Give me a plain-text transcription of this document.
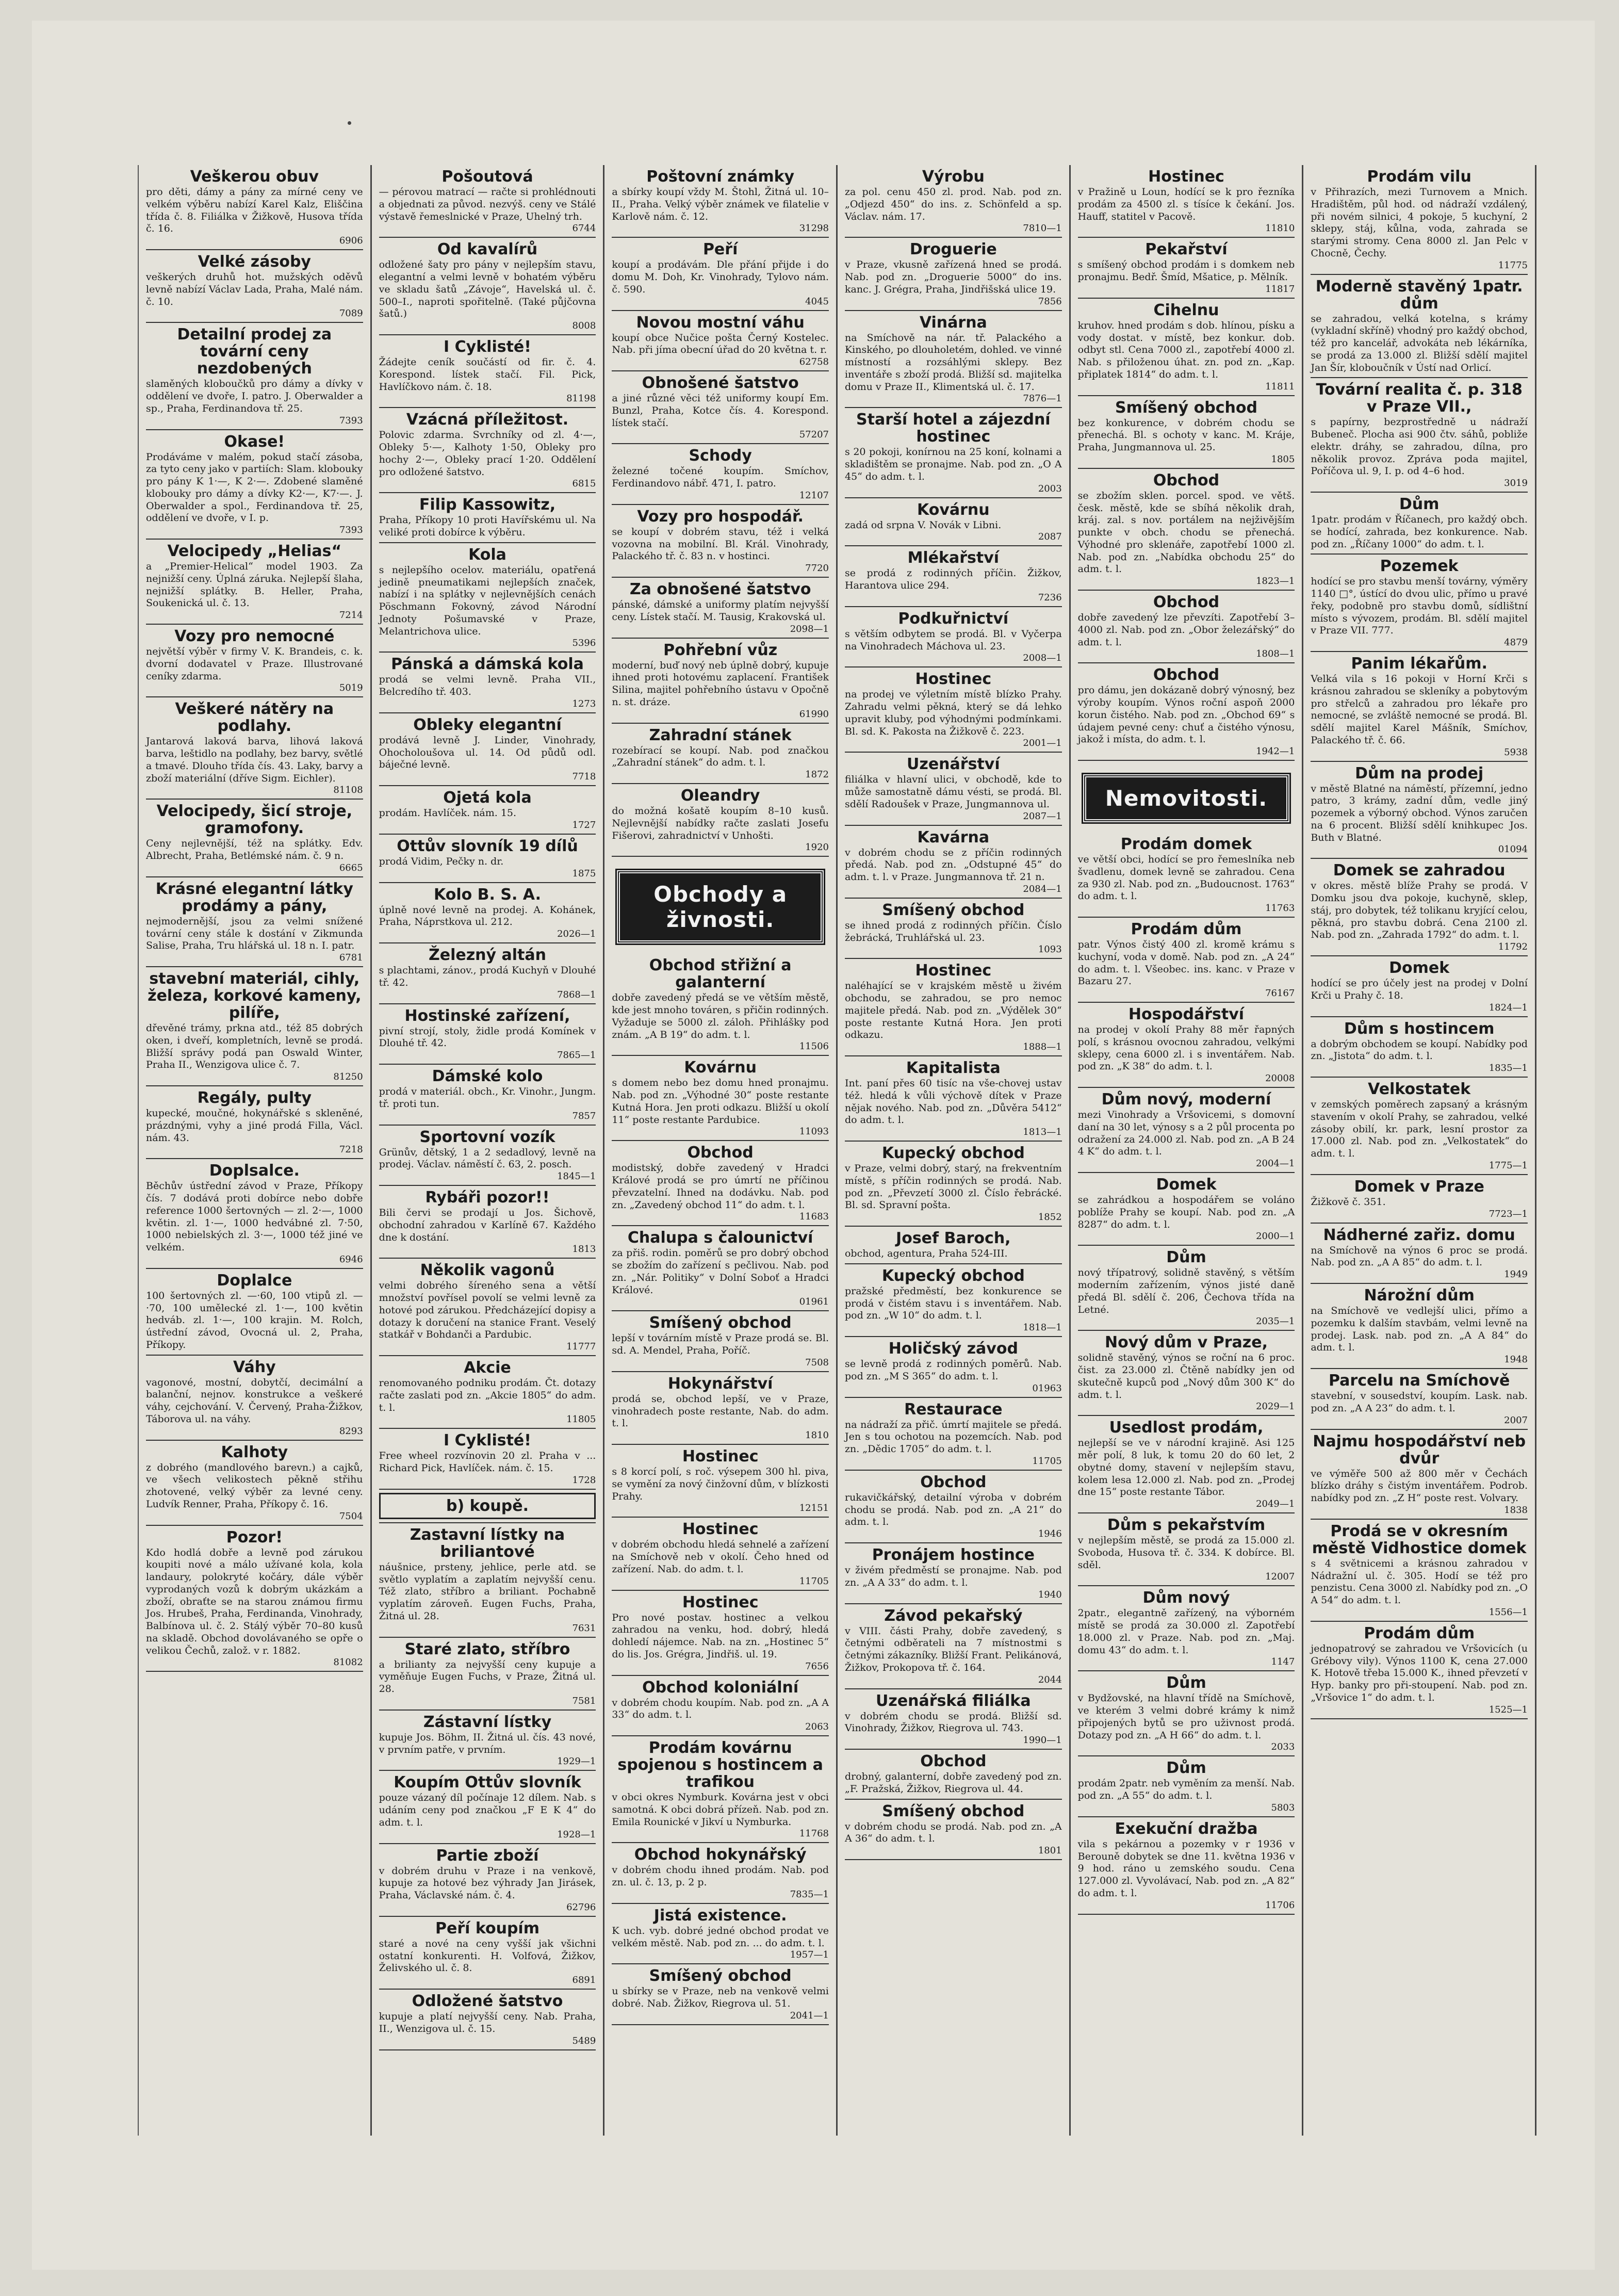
Veškerou obuv

pro děti, dámy a pány za mírné ceny ve velkém výběru nabízí Karel Kalz, Eliščina třída č. 8. Filiálka v Žižkově, Husova třída č. 16.

6906
Velké zásoby

veškerých druhů hot. mužských oděvů levně nabízí Václav Lada, Praha, Malé nám. č. 10.

7089
Detailní prodej za tovární ceny nezdobených

slaměných kloboučků pro dámy a dívky v oddělení ve dvoře, I. patro. J. Oberwalder a sp., Praha, Ferdinandova tř. 25.

7393
Okase!

Prodáváme v malém, pokud stačí zásoba, za tyto ceny jako v partiích: Slam. klobouky pro pány K 1·—, K 2·—. Zdobené slaměné klobouky pro dámy a dívky K2·—, K7·—. J. Oberwalder a spol., Ferdinandova tř. 25, oddělení ve dvoře, v I. p.

7393
Velocipedy „Helias“

a „Premier-Helical“ model 1903. Za nejnižší ceny. Úplná záruka. Nejlepší šlaha, nejnižší splátky. B. Heller, Praha, Soukenická ul. č. 13.

7214
Vozy pro nemocné

největší výběr v firmy V. K. Brandeis, c. k. dvorní dodavatel v Praze. Illustrované ceníky zdarma.

5019
Veškeré nátěry na podlahy.

Jantarová laková barva, lihová laková barva, leštidlo na podlahy, bez barvy, světlé a tmavé. Dlouho třída čís. 43. Laky, barvy a zboží materiální (dříve Sigm. Eichler).

81108
Velocipedy, šicí stroje, gramofony.

Ceny nejlevnější, též na splátky. Edv. Albrecht, Praha, Betlémské nám. č. 9 n.

6665
Krásné elegantní látky prodámy a pány,

nejmodernější, jsou za velmi snížené tovární ceny stále k dostání v Zikmunda Salise, Praha, Tru hlářská ul. 18 n. I. patr.

6781
stavební materiál, cihly, železa, korkové kameny, pilíře,

dřevěné trámy, prkna atd., též 85 dobrých oken, i dveří, kompletních, levně se prodá. Bližší správy podá pan Oswald Winter, Praha II., Wenzigova ulice č. 7.

81250
Regály, pulty

kupecké, moučné, hokynářské s skleněné, prázdnými, vyhy a jiné prodá Filla, Václ. nám. 43.

7218
Doplsalce.

Běchův ústřední závod v Praze, Příkopy čís. 7 dodává proti dobírce nebo dobře reference 1000 šertovných — zl. 2·—, 1000 květin. zl. 1·—, 1000 hedvábné zl. 7·50, 1000 nebielských zl. 3·—, 1000 též jiné ve velkém.

6946
Doplalce

100 šertovných zl. —·60, 100 vtipů zl. —·70, 100 umělecké zl. 1·—, 100 květin hedváb. zl. 1·—, 100 krajin. M. Rolch, ústřední závod, Ovocná ul. 2, Praha, Příkopy.

Váhy

vagonové, mostní, dobytčí, decimální a balanční, nejnov. konstrukce a veškeré váhy, cejchování. V. Červený, Praha-Žižkov, Táborova ul. na váhy.

8293
Kalhoty

z dobrého (mandlového barevn.) a cajků, ve všech velikostech pěkně střihu zhotovené, velký výběr za levné ceny. Ludvík Renner, Praha, Příkopy č. 16.

7504
Pozor!

Kdo hodlá dobře a levně pod zárukou koupiti nové a málo užívané kola, kola landaury, polokryté kočáry, dále výběr vyprodaných vozů k dobrým ukázkám a zboží, obraťte se na starou známou firmu Jos. Hrubeš, Praha, Ferdinanda, Vinohrady, Balbínova ul. č. 2. Stálý výběr 70–80 kusů na skladě. Obchod dovolávaného se opře o velikou Čechů, založ. v r. 1882.

81082
Pošoutová

— pérovou matrací — račte si prohlédnouti a objednati za původ. nezvýš. ceny ve Stálé výstavě řemeslnické v Praze, Uhelný trh.

6744
Od kavalírů

odložené šaty pro pány v nejlepším stavu, elegantní a velmi levně v bohatém výběru ve skladu šatů „Závoje“, Havelská ul. č. 500–I., naproti spořitelně. (Také půjčovna šatů.)

8008
I Cyklisté!

Žádejte ceník součástí od fir. č. 4. Korespond. lístek stačí. Fil. Pick, Havlíčkovo nám. č. 18.

81198
Vzácná příležitost.

Polovic zdarma. Svrchníky od zl. 4·—, Obleky 5·—, Kalhoty 1·50, Obleky pro hochy 2·—, Obleky prací 1·20. Oddělení pro odložené šatstvo.

6815
Filip Kassowitz,

Praha, Příkopy 10 proti Havířskému ul. Na veliké proti dobírce k výběru.

Kola

s nejlepšího ocelov. materiálu, opatřená jedině pneumatikami nejlepších značek, nabízí i na splátky v nejlevnějších cenách Pöschmann Fokovný, závod Národní Jednoty Pošumavské v Praze, Melantrichova ulice.

5396
Pánská a dámská kola

prodá se velmi levně. Praha VII., Belcredího tř. 403.

1273
Obleky elegantní

prodává levně J. Linder, Vinohrady, Ohocholoušova ul. 14. Od půdů odl. báječné levně.

7718
Ojetá kola

prodám. Havlíček. nám. 15.

1727
Ottův slovník 19 dílů

prodá Vidim, Pečky n. dr.

1875
Kolo B. S. A.

úplně nové levně na prodej. A. Kohánek, Praha, Náprstkova ul. 212.

2026—1
Železný altán

s plachtami, zánov., prodá Kuchyň v Dlouhé tř. 42.

7868—1
Hostinské zařízení,

pivní strojí, stoly, židle prodá Komínek v Dlouhé tř. 42.

7865—1
Dámské kolo

prodá v materiál. obch., Kr. Vinohr., Jungm. tř. proti tun.

7857
Sportovní vozík

Grünův, dětský, 1 a 2 sedadlový, levně na prodej. Václav. náměstí č. 63, 2. posch.

1845—1
Rybáři pozor!!

Bili červi se prodají u Jos. Šichově, obchodní zahradou v Karlíně 67. Každého dne k dostání.

1813
Několik vagonů

velmi dobrého šíreného sena a větší množství povřísel povolí se velmi levně za hotové pod zárukou. Předcházející dopisy a dotazy k doručení na stanice Frant. Veselý statkář v Bohdanči a Pardubic.

11777
Akcie

renomovaného podniku prodám. Čt. dotazy račte zaslati pod zn. „Akcie 1805“ do adm. t. l.

11805
I Cyklisté!

Free wheel rozvínovin 20 zl. Praha v ... Richard Pick, Havlíček. nám. č. 15.

1728
b) koupě.
Zastavní lístky na briliantové

náušnice, prsteny, jehlice, perle atd. se světlo vyplatím a zaplatím nejvyšší cenu. Též zlato, stříbro a briliant. Pochabně vyplatím zároveň. Eugen Fuchs, Praha, Žitná ul. 28.

7631
Staré zlato, stříbro

a brilianty za nejvyšší ceny kupuje a vyměňuje Eugen Fuchs, v Praze, Žitná ul. 28.

7581
Zástavní lístky

kupuje Jos. Böhm, II. Žitná ul. čís. 43 nové, v prvním patře, v prvním.

1929—1
Koupím Ottův slovník

pouze vázaný díl počínaje 12 dílem. Nab. s udáním ceny pod značkou „F E K 4“ do adm. t. l.

1928—1
Partie zboží

v dobrém druhu v Praze i na venkově, kupuje za hotové bez výhrady Jan Jirásek, Praha, Václavské nám. č. 4.

62796
Peří koupím

staré a nové na ceny vyšší jak všichni ostatní konkurenti. H. Volfová, Žižkov, Želivského ul. č. 8.

6891
Odložené šatstvo

kupuje a platí nejvyšší ceny. Nab. Praha, II., Wenzigova ul. č. 15.

5489
Poštovní známky

a sbírky koupí vždy M. Štohl, Žitná ul. 10–II., Praha. Velký výběr známek ve filatelie v Karlově nám. č. 12.

31298
Peří

koupí a prodávám. Dle přání přijde i do domu M. Doh, Kr. Vinohrady, Tylovo nám. č. 590.

4045
Novou mostní váhu

koupí obce Nučice pošta Černý Kostelec. Nab. při jíma obecní úřad do 20 května t. r.

62758
Obnošené šatstvo

a jiné různé věci též uniformy koupí Em. Bunzl, Praha, Kotce čís. 4. Korespond. lístek stačí.

57207
Schody

železné točené koupím. Smíchov, Ferdinandovo nábř. 471, I. patro.

12107
Vozy pro hospodář.

se koupí v dobrém stavu, též i velká vozovna na mobilní. Bl. Král. Vinohrady, Palackého tř. č. 83 n. v hostinci.

7720
Za obnošené šatstvo

pánské, dámské a uniformy platím nejvyšší ceny. Lístek stačí. M. Tausig, Krakovská ul.

2098—1
Pohřební vůz

moderní, buď nový neb úplně dobrý, kupuje ihned proti hotovému zaplacení. František Silina, majitel pohřebního ústavu v Opočně n. st. dráze.

61990
Zahradní stánek

rozebírací se koupí. Nab. pod značkou „Zahradní stánek“ do adm. t. l.

1872
Oleandry

do možná košatě koupím 8–10 kusů. Nejlevnější nabídky račte zaslati Josefu Fišerovi, zahradnictví v Unhošti.

1920
Obchody a živnosti.
Obchod střižní a galanterní

dobře zavedený předá se ve větším městě, kde jest mnoho továren, s přičin rodinných. Vyžaduje se 5000 zl. záloh. Přihlášky pod znám. „A B 19“ do adm. t. l.

11506
Kovárnu

s domem nebo bez domu hned pronajmu. Nab. pod zn. „Výhodné 30“ poste restante Kutná Hora. Jen proti odkazu. Bližší u okolí 11“ poste restante Pardubice.

11093
Obchod

modistský, dobře zavedený v Hradci Králové prodá se pro úmrtí ne příčinou převzatelní. Ihned na dodávku. Nab. pod zn. „Zavedený obchod 11“ do adm. t. l.

11683
Chalupa s čalounictví

za přiš. rodin. poměrů se pro dobrý obchod se zbožím do zařízení s pečlivou. Nab. pod zn. „Nár. Politiky“ v Dolní Soboť a Hradci Králové.

01961
Smíšený obchod

lepší v továrním místě v Praze prodá se. Bl. sd. A. Mendel, Praha, Poříč.

7508
Hokynářství

prodá se, obchod lepší, ve v Praze, vinohradech poste restante, Nab. do adm. t. l.

1810
Hostinec

s 8 korcí polí, s roč. výsepem 300 hl. piva, se vymění za nový činžovní dům, v blízkosti Prahy.

12151
Hostinec

v dobrém obchodu hledá sehnelé a zařízení na Smíchově neb v okolí. Čeho hned od zařízení. Nab. do adm. t. l.

11705
Hostinec

Pro nové postav. hostinec a velkou zahradou na venku, hod. dobrý, hledá dohledí nájemce. Nab. na zn. „Hostinec 5“ do lis. Jos. Grégra, Jindřiš. ul. 19.

7656
Obchod koloniální

v dobrém chodu koupím. Nab. pod zn. „A A 33“ do adm. t. l.

2063
Prodám kovárnu spojenou s hostincem a trafikou

v obci okres Nymburk. Kovárna jest v obci samotná. K obci dobrá přízeň. Nab. pod zn. Emila Rounické v Jikví u Nymburka.

11768
Obchod hokynářský

v dobrém chodu ihned prodám. Nab. pod zn. ul. č. 13, p. 2 p.

7835—1
Jistá existence.

K uch. vyb. dobré jedné obchod prodat ve velkém městě. Nab. pod zn. ... do adm. t. l.

1957—1
Smíšený obchod

u sbírky se v Praze, neb na venkově velmi dobré. Nab. Žižkov, Riegrova ul. 51.

2041—1
Výrobu

za pol. cenu 450 zl. prod. Nab. pod zn. „Odjezd 450“ do ins. z. Schönfeld a sp. Václav. nám. 17.

7810—1
Droguerie

v Praze, vkusně zařízená hned se prodá. Nab. pod zn. „Droguerie 5000“ do ins. kanc. J. Grégra, Praha, Jindřišská ulice 19.

7856
Vinárna

na Smíchově na nár. tř. Palackého a Kinského, po dlouholetém, dohled. ve vinné místností a rozsáhlými sklepy. Bez inventáře s zboží prodá. Bližší sd. majitelka domu v Praze II., Klimentská ul. č. 17.

7876—1
Starší hotel a zájezdní hostinec

s 20 pokoji, konírnou na 25 koní, kolnami a skladištěm se pronajme. Nab. pod zn. „O A 45“ do adm. t. l.

2003
Kovárnu

zadá od srpna V. Novák v Libni.

2087
Mlékařství

se prodá z rodinných příčin. Žižkov, Harantova ulice 294.

7236
Podkuřnictví

s větším odbytem se prodá. Bl. v Vyčerpa na Vinohradech Máchova ul. 23.

2008—1
Hostinec

na prodej ve výletním místě blízko Prahy. Zahradu velmi pěkná, který se dá lehko upravit kluby, pod výhodnými podmínkami. Bl. sd. K. Pakosta na Žižkově č. 223.

2001—1
Uzenářství

filiálka v hlavní ulici, v obchodě, kde to může samostatně dámu vésti, se prodá. Bl. sdělí Radoušek v Praze, Jungmannova ul.

2087—1
Kavárna

v dobrém chodu se z příčin rodinných předá. Nab. pod zn. „Odstupné 45“ do adm. t. l. v Praze. Jungmannova tř. 21 n.

2084—1
Smíšený obchod

se ihned prodá z rodinných příčin. Číslo žebrácká, Truhlářská ul. 23.

1093
Hostinec

naléhající se v krajském městě u živém obchodu, se zahradou, se pro nemoc majitele předá. Nab. pod zn. „Výdělek 30“ poste restante Kutná Hora. Jen proti odkazu.

1888—1
Kapitalista

Int. paní přes 60 tisíc na vše-chovej ustav též. hledá k vůli výchově dítek v Praze nějak nového. Nab. pod zn. „Důvěra 5412“ do adm. t. l.

1813—1
Kupecký obchod

v Praze, velmi dobrý, starý, na frekventním místě, s příčin rodinných se prodá. Nab. pod zn. „Převzetí 3000 zl. Číslo řebrácké. Bl. sd. Spravní pošta.

1852
Josef Baroch,

obchod, agentura, Praha 524-III.

Kupecký obchod

pražské předměstí, bez konkurence se prodá v čistém stavu i s inventářem. Nab. pod zn. „W 10“ do adm. t. l.

1818—1
Holičský závod

se levně prodá z rodinných poměrů. Nab. pod zn. „M S 365“ do adm. t. l.

01963
Restaurace

na nádraží za přič. úmrtí majitele se předá. Jen s tou ochotou na pozemcích. Nab. pod zn. „Dědic 1705“ do adm. t. l.

11705
Obchod

rukavičkářský, detailní výroba v dobrém chodu se prodá. Nab. pod zn. „A 21“ do adm. t. l.

1946
Pronájem hostince

v živém předměstí se pronajme. Nab. pod zn. „A A 33“ do adm. t. l.

1940
Závod pekařský

v VIII. části Prahy, dobře zavedený, s četnými odběrateli na 7 místnostmi s četnými zákazníky. Bližší Frant. Pelikánová, Žižkov, Prokopova tř. č. 164.

2044
Uzenářská filiálka

v dobrém chodu se prodá. Bližší sd. Vinohrady, Žižkov, Riegrova ul. 743.

1990—1
Obchod

drobný, galanterní, dobře zavedený pod zn. „F. Pražská, Žižkov, Riegrova ul. 44.

Smíšený obchod

v dobrém chodu se prodá. Nab. pod zn. „A A 36“ do adm. t. l.

1801
Hostinec

v Pražině u Loun, hodící se k pro řezníka prodám za 4500 zl. s tísíce k čekání. Jos. Hauff, statitel v Pacově.

11810
Pekařství

s smíšený obchod prodám i s domkem neb pronajmu. Bedř. Šmíd, Mšatice, p. Mělník.

11817
Cihelnu

kruhov. hned prodám s dob. hlínou, písku a vody dostat. v místě, bez konkur. dob. odbyt stl. Cena 7000 zl., zapotřebí 4000 zl. Nab. s přiloženou úhat. zn. pod zn. „Kap. připlatek 1814“ do adm. t. l.

11811
Smíšený obchod

bez konkurence, v dobrém chodu se přenechá. Bl. s ochoty v kanc. M. Kráje, Praha, Jungmannova ul. 25.

1805
Obchod

se zbožím sklen. porcel. spod. ve větš. česk. městě, kde se sbíhá několik drah, kráj. zal. s nov. portálem na nejživějším punkte v obch. chodu se přenechá. Výhodné pro sklenáře, zapotřebí 1000 zl. Nab. pod zn. „Nabídka obchodu 25“ do adm. t. l.

1823—1
Obchod

dobře zavedený lze převzíti. Zapotřebí 3–4000 zl. Nab. pod zn. „Obor železářský“ do adm. t. l.

1808—1
Obchod

pro dámu, jen dokázaně dobrý výnosný, bez výroby koupím. Výnos roční aspoň 2000 korun čistého. Nab. pod zn. „Obchod 69“ s údajem pevné ceny: chuť a čistého výnosu, jakož i místa, do adm. t. l.

1942—1
Nemovitosti.
Prodám domek

ve větší obci, hodící se pro řemeslníka neb švadlenu, domek levně se zahradou. Cena za 930 zl. Nab. pod zn. „Budoucnost. 1763“ do adm. t. l.

11763
Prodám dům

patr. Výnos čistý 400 zl. kromě krámu s kuchyní, voda v domě. Nab. pod zn. „A 24“ do adm. t. l. Všeobec. ins. kanc. v Praze v Bazaru 27.

76167
Hospodářství

na prodej v okolí Prahy 88 měr řapných polí, s krásnou ovocnou zahradou, velkými sklepy, cena 6000 zl. i s inventářem. Nab. pod zn. „K 38“ do adm. t. l.

20008
Dům nový, moderní

mezi Vinohrady a Vršovicemi, s domovní daní na 30 let, výnosy s a 2 půl procenta po odražení za 24.000 zl. Nab. pod zn. „A B 24 4 K“ do adm. t. l.

2004—1
Domek

se zahrádkou a hospodářem se voláno poblíže Prahy se koupí. Nab. pod zn. „A 8287“ do adm. t. l.

2000—1
Dům

nový třípatrový, solidně stavěný, s větším moderním zařízením, výnos jisté daně předá Bl. sdělí č. 206, Čechova třída na Letné.

2035—1
Nový dům v Praze,

solidně stavěný, výnos se roční na 6 proc. čist. za 23.000 zl. Čtěně nabídky jen od skutečně kupců pod „Nový dům 300 K“ do adm. t. l.

2029—1
Usedlost prodám,

nejlepší se ve v národní krajině. Asi 125 měr polí, 8 luk, k tomu 20 do 60 let, 2 obytné domy, stavení v nejlepším stavu, kolem lesa 12.000 zl. Nab. pod zn. „Prodej dne 15“ poste restante Tábor.

2049—1
Dům s pekařstvím

v nejlepším městě, se prodá za 15.000 zl. Svoboda, Husova tř. č. 334. K dobírce. Bl. sděl.

12007
Dům nový

2patr., elegantně zařízený, na výborném místě se prodá za 30.000 zl. Zapotřebí 18.000 zl. v Praze. Nab. pod zn. „Maj. domu 43“ do adm. t. l.

1147
Dům

v Bydžovské, na hlavní třídě na Smíchově, ve kterém 3 velmi dobré krámy k nimž připojených bytů se pro uživnost prodá. Dotazy pod zn. „A H 66“ do adm. t. l.

2033
Dům

prodám 2patr. neb vyměním za menší. Nab. pod zn. „A 55“ do adm. t. l.

5803
Exekuční dražba

vila s pekárnou a pozemky v r 1936 v Berouně dobytek se dne 11. května 1936 v 9 hod. ráno u zemského soudu. Cena 127.000 zl. Vyvolávací, Nab. pod zn. „A 82“ do adm. t. l.

11706
Prodám vilu

v Přihrazích, mezi Turnovem a Mnich. Hradištěm, půl hod. od nádraží vzdálený, při novém silnici, 4 pokoje, 5 kuchyní, 2 sklepy, stáj, kůlna, voda, zahrada se starými stromy. Cena 8000 zl. Jan Pelc v Chocně, Čechy.

11775
Moderně stavěný 1patr. dům

se zahradou, velká kotelna, s krámy (vykladní skříně) vhodný pro každý obchod, též pro kancelář, advokáta neb lékárníka, se prodá za 13.000 zl. Bližší sdělí majitel Jan Šír, kloboučník v Ústí nad Orlicí.

Tovární realita č. p. 318 v Praze VII.,

s papírny, bezprostředně u nádraží Bubeneč. Plocha asi 900 čtv. sáhů, pobliže elektr. dráhy, se zahradou, dílna, pro několik provoz. Zpráva poda majitel, Poříčova ul. 9, I. p. od 4–6 hod.

3019
Dům

1patr. prodám v Říčanech, pro každý obch. se hodící, zahrada, bez konkurence. Nab. pod zn. „Říčany 1000“ do adm. t. l.

Pozemek

hodící se pro stavbu menší továrny, výměry 1140 □°, ústící do dvou ulic, přímo u pravé řeky, podobně pro stavbu domů, sídlištní místo s vývozem, prodám. Bl. sdělí majitel v Praze VII. 777.

4879
Panim lékařům.

Velká vila s 16 pokoji v Horní Krči s krásnou zahradou se skleníky a pobytovým pro střelců a zahradou pro lékaře pro nemocné, se zvláště nemocné se prodá. Bl. sdělí majitel Karel Mášník, Smíchov, Palackého tř. č. 66.

5938
Dům na prodej

v městě Blatné na náměstí, přízemní, jedno patro, 3 krámy, zadní dům, vedle jiný pozemek a výborný obchod. Výnos zaručen na 6 procent. Bližší sdělí knihkupec Jos. Buth v Blatné.

01094
Domek se zahradou

v okres. městě blíže Prahy se prodá. V Domku jsou dva pokoje, kuchyně, sklep, stáj, pro dobytek, též tolikanu kryjící celou, pěkná, pro stavbu dobrá. Cena 2100 zl. Nab. pod zn. „Zahrada 1792“ do adm. t. l.

11792
Domek

hodící se pro účely jest na prodej v Dolní Krči u Prahy č. 18.

1824—1
Dům s hostincem

a dobrým obchodem se koupí. Nabídky pod zn. „Jistota“ do adm. t. l.

1835—1
Velkostatek

v zemských poměrech zapsaný a krásným stavením v okolí Prahy, se zahradou, velké zásoby obilí, kr. park, lesní prostor za 17.000 zl. Nab. pod zn. „Velkostatek“ do adm. t. l.

1775—1
Domek v Praze

Žižkově č. 351.

7723—1
Nádherné zařiz. domu

na Smíchově na výnos 6 proc se prodá. Nab. pod zn. „A A 85“ do adm. t. l.

1949
Nárožní dům

na Smíchově ve vedlejší ulici, přímo a pozemku k dalším stavbám, velmi levně na prodej. Lask. nab. pod zn. „A A 84“ do adm. t. l.

1948
Parcelu na Smíchově

stavební, v sousedství, koupím. Lask. nab. pod zn. „A A 23“ do adm. t. l.

2007
Najmu hospodářství neb dvůr

ve výměře 500 až 800 měr v Čechách blízko dráhy s čistým inventářem. Podrob. nabídky pod zn. „Z H“ poste rest. Volvary.

1838
Prodá se v okresním městě Vidhostice domek

s 4 světnicemi a krásnou zahradou v Nádražní ul. č. 305. Hodí se též pro penzistu. Cena 3000 zl. Nabídky pod zn. „O A 54“ do adm. t. l.

1556—1
Prodám dům

jednopatrový se zahradou ve Vršovicích (u Grébovy vily). Výnos 1100 K, cena 27.000 K. Hotově třeba 15.000 K., ihned převzetí v Hyp. banky pro při-stoupení. Nab. pod zn. „Vršovice 1“ do adm. t. l.

1525—1
